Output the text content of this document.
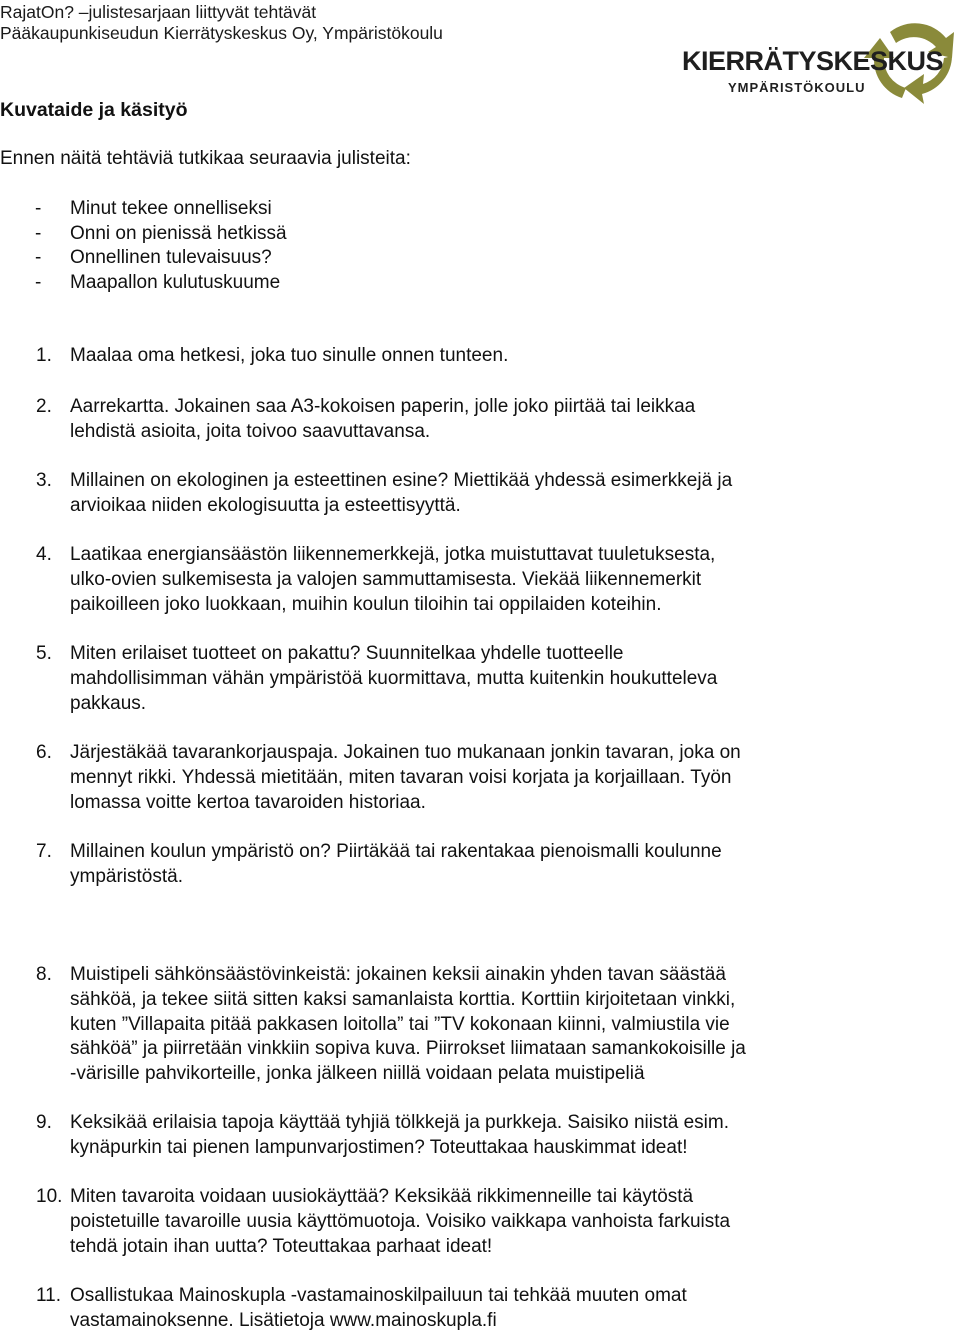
RajatOn? –julistesarjaan liittyvät tehtävät
Pääkaupunkiseudun Kierrätyskeskus Oy, Ympäristökoulu
KIERRÄTYSKESKUS
YMPÄRISTÖKOULU
Kuvataide ja käsityö
Ennen näitä tehtäviä tutkikaa seuraavia julisteita:
- Minut tekee onnelliseksi
- Onni on pienissä hetkissä
- Onnellinen tulevaisuus?
- Maapallon kulutuskuume
1. Maalaa oma hetkesi, joka tuo sinulle onnen tunteen.
2. Aarrekartta. Jokainen saa A3-kokoisen paperin, jolle joko piirtää tai leikkaa
lehdistä asioita, joita toivoo saavuttavansa.
3. Millainen on ekologinen ja esteettinen esine? Miettikää yhdessä esimerkkejä ja
arvioikaa niiden ekologisuutta ja esteettisyyttä.
4. Laatikaa energiansäästön liikennemerkkejä, jotka muistuttavat tuuletuksesta,
ulko-ovien sulkemisesta ja valojen sammuttamisesta. Viekää liikennemerkit
paikoilleen joko luokkaan, muihin koulun tiloihin tai oppilaiden koteihin.
5. Miten erilaiset tuotteet on pakattu? Suunnitelkaa yhdelle tuotteelle
mahdollisimman vähän ympäristöä kuormittava, mutta kuitenkin houkutteleva
pakkaus.
6. Järjestäkää tavarankorjauspaja. Jokainen tuo mukanaan jonkin tavaran, joka on
mennyt rikki. Yhdessä mietitään, miten tavaran voisi korjata ja korjaillaan. Työn
lomassa voitte kertoa tavaroiden historiaa.
7. Millainen koulun ympäristö on? Piirtäkää tai rakentakaa pienoismalli koulunne
ympäristöstä.
8. Muistipeli sähkönsäästövinkeistä: jokainen keksii ainakin yhden tavan säästää
sähköä, ja tekee siitä sitten kaksi samanlaista korttia. Korttiin kirjoitetaan vinkki,
kuten ”Villapaita pitää pakkasen loitolla” tai ”TV kokonaan kiinni, valmiustila vie
sähköä” ja piirretään vinkkiin sopiva kuva. Piirrokset liimataan samankokoisille ja
-värisille pahvikorteille, jonka jälkeen niillä voidaan pelata muistipeliä
9. Keksikää erilaisia tapoja käyttää tyhjiä tölkkejä ja purkkeja. Saisiko niistä esim.
kynäpurkin tai pienen lampunvarjostimen? Toteuttakaa hauskimmat ideat!
10. Miten tavaroita voidaan uusiokäyttää? Keksikää rikkimenneille tai käytöstä
poistetuille tavaroille uusia käyttömuotoja. Voisiko vaikkapa vanhoista farkuista
tehdä jotain ihan uutta? Toteuttakaa parhaat ideat!
11. Osallistukaa Mainoskupla -vastamainoskilpailuun tai tehkää muuten omat
vastamainoksenne. Lisätietoja www.mainoskupla.fi
